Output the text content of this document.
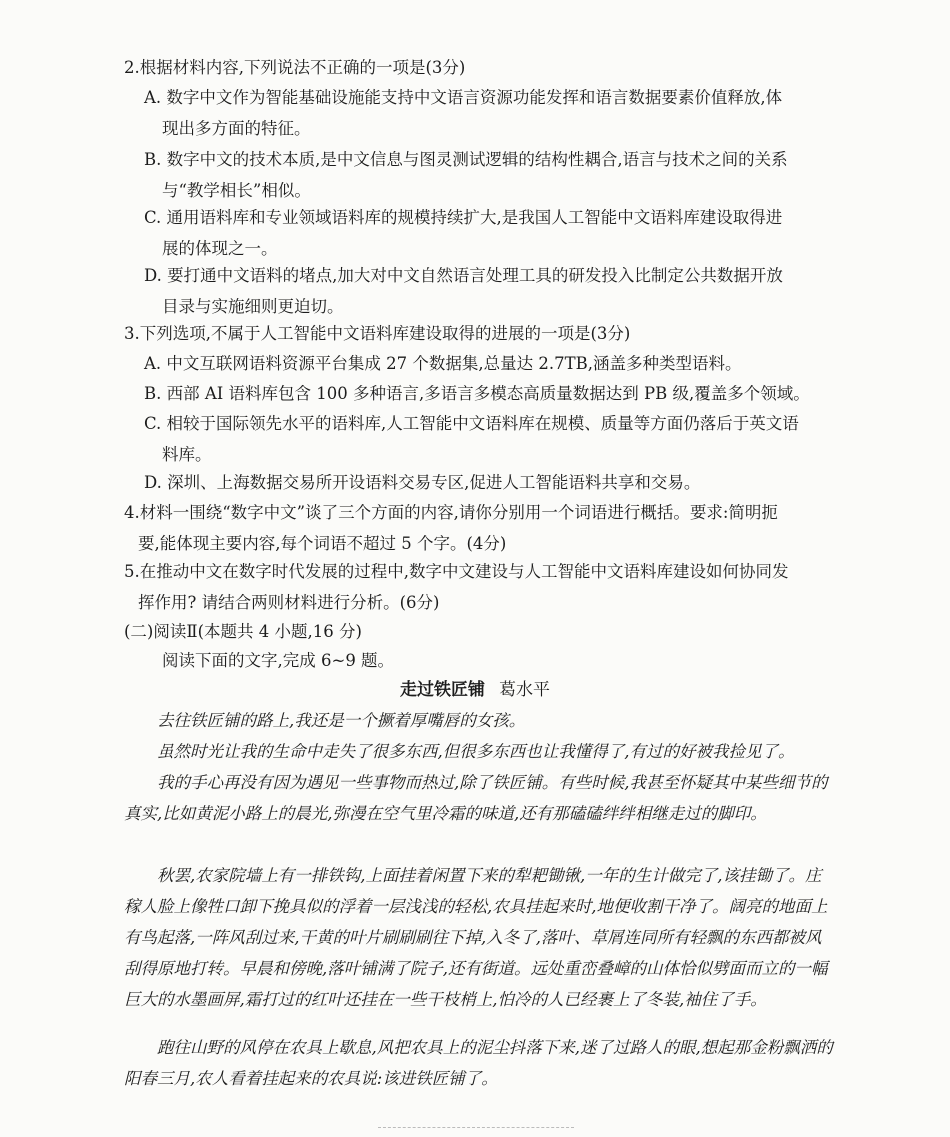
2.根据材料内容,下列说法不正确的一项是(3分)
A. 数字中文作为智能基础设施能支持中文语言资源功能发挥和语言数据要素价值释放,体
现出多方面的特征。
B. 数字中文的技术本质,是中文信息与图灵测试逻辑的结构性耦合,语言与技术之间的关系
与“教学相长”相似。
C. 通用语料库和专业领域语料库的规模持续扩大,是我国人工智能中文语料库建设取得进
展的体现之一。
D. 要打通中文语料的堵点,加大对中文自然语言处理工具的研发投入比制定公共数据开放
目录与实施细则更迫切。
3.下列选项,不属于人工智能中文语料库建设取得的进展的一项是(3分)
A. 中文互联网语料资源平台集成 27 个数据集,总量达 2.7TB,涵盖多种类型语料。
B. 西部 AI 语料库包含 100 多种语言,多语言多模态高质量数据达到 PB 级,覆盖多个领域。
C. 相较于国际领先水平的语料库,人工智能中文语料库在规模、质量等方面仍落后于英文语
料库。
D. 深圳、上海数据交易所开设语料交易专区,促进人工智能语料共享和交易。
4.材料一围绕“数字中文”谈了三个方面的内容,请你分别用一个词语进行概括。要求:简明扼
要,能体现主要内容,每个词语不超过 5 个字。(4分)
5.在推动中文在数字时代发展的过程中,数字中文建设与人工智能中文语料库建设如何协同发
挥作用? 请结合两则材料进行分析。(6分)
(二)阅读Ⅱ(本题共 4 小题,16 分)
阅读下面的文字,完成 6~9 题。
走过铁匠铺 葛水平
去往铁匠铺的路上,我还是一个撅着厚嘴唇的女孩。
虽然时光让我的生命中走失了很多东西,但很多东西也让我懂得了,有过的好被我捡见了。
我的手心再没有因为遇见一些事物而热过,除了铁匠铺。有些时候,我甚至怀疑其中某些细节的真实,比如黄泥小路上的晨光,弥漫在空气里冷霜的味道,还有那磕磕绊绊相继走过的脚印。
秋罢,农家院墙上有一排铁钩,上面挂着闲置下来的犁耙锄锹,一年的生计做完了,该挂锄了。庄稼人脸上像牲口卸下挽具似的浮着一层浅浅的轻松,农具挂起来时,地便收割干净了。阔亮的地面上有鸟起落,一阵风刮过来,干黄的叶片刷刷刷往下掉,入冬了,落叶、草屑连同所有轻飘的东西都被风刮得原地打转。早晨和傍晚,落叶铺满了院子,还有街道。远处重峦叠嶂的山体恰似劈面而立的一幅巨大的水墨画屏,霜打过的红叶还挂在一些干枝梢上,怕冷的人已经裹上了冬装,袖住了手。
跑往山野的风停在农具上歇息,风把农具上的泥尘抖落下来,迷了过路人的眼,想起那金粉飘洒的阳春三月,农人看着挂起来的农具说:该进铁匠铺了。
